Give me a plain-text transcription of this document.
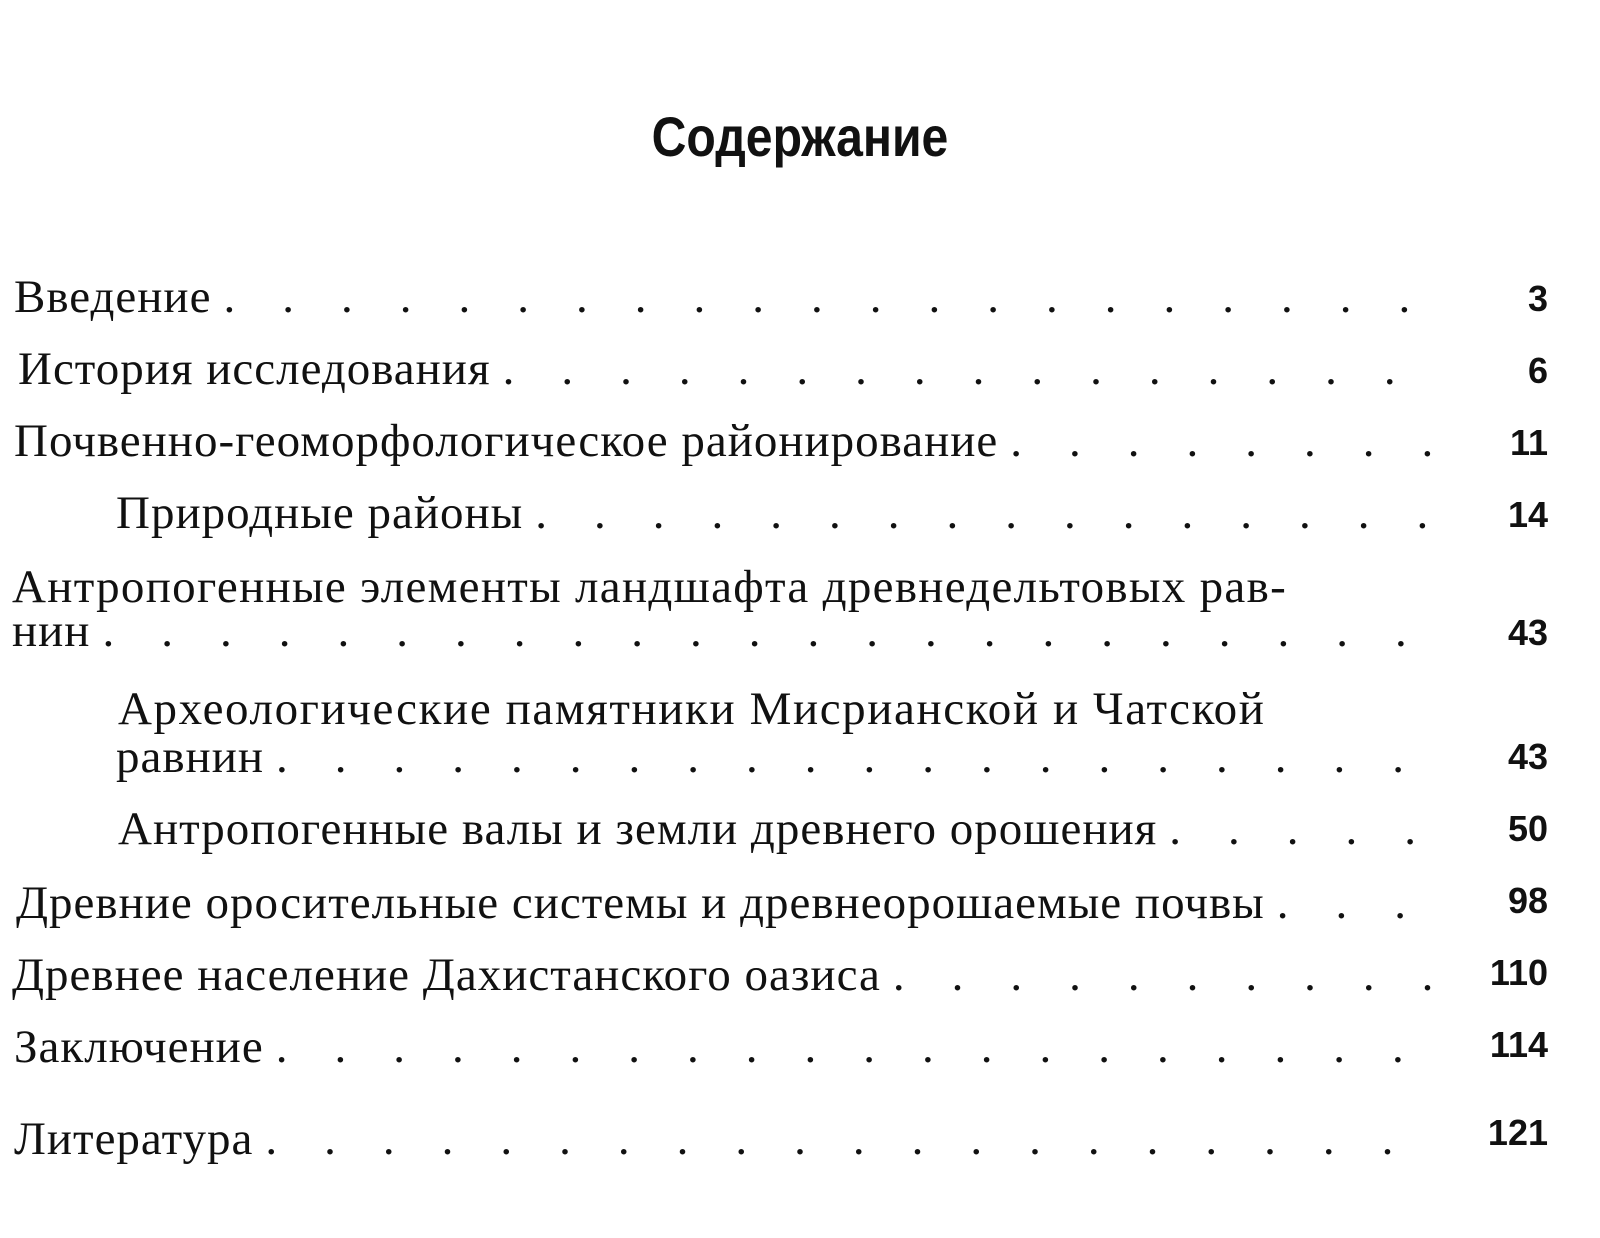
Содержание
Введение .	3
История исследования .	6
Почвенно-геоморфологическое районирование .	11
Природные районы .	14
Антропогенные элементы ландшафта древнедельтовых рав-
нин .	43
Археологические памятники Мисрианской и Чатской
равнин .	43
Антропогенные валы и земли древнего орошения .	50
Древние оросительные системы и древнеорошаемые почвы .	98
Древнее население Дахистанского оазиса .	110
Заключение .	114
Литература .	121
